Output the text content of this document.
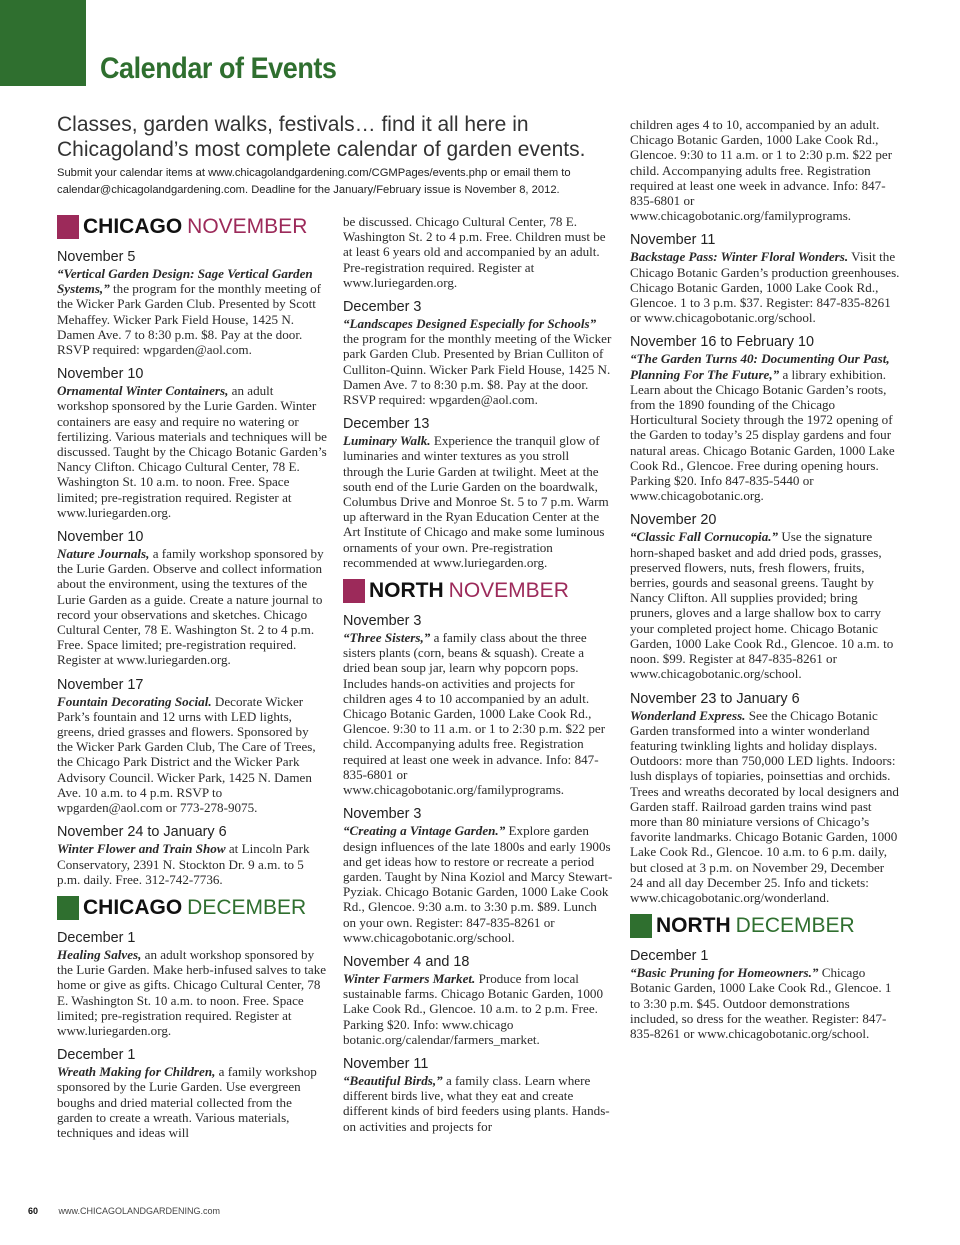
Calendar of Events
Classes, garden walks, festivals… find it all here in
Chicagoland’s most complete calendar of garden events.
Submit your calendar items at www.chicagolandgardening.com/CGMPages/events.php or email them to
calendar@chicagolandgardening.com. Deadline for the January/February issue is November 8, 2012.
CHICAGO NOVEMBER
November 5
“Vertical Garden Design: Sage Vertical Garden Systems,” the program for the monthly meeting of the Wicker Park Garden Club. Presented by Scott Mehaffey. Wicker Park Field House, 1425 N. Damen Ave. 7 to 8:30 p.m. $8. Pay at the door. RSVP required: wpgarden@aol.com.
November 10
Ornamental Winter Containers, an adult workshop sponsored by the Lurie Garden. Winter containers are easy and require no watering or fertilizing. Various materials and techniques will be discussed. Taught by the Chicago Botanic Garden’s Nancy Clifton. Chicago Cultural Center, 78 E. Washington St. 10 a.m. to noon. Free. Space limited; pre-registration required. Register at www.luriegarden.org.
November 10
Nature Journals, a family workshop sponsored by the Lurie Garden. Observe and collect information about the environment, using the textures of the Lurie Garden as a guide. Create a nature journal to record your observations and sketches. Chicago Cultural Center, 78 E. Washington St. 2 to 4 p.m. Free. Space limited; pre-registration required. Register at www.luriegarden.org.
November 17
Fountain Decorating Social. Decorate Wicker Park’s fountain and 12 urns with LED lights, greens, dried grasses and flowers. Sponsored by the Wicker Park Garden Club, The Care of Trees, the Chicago Park District and the Wicker Park Advisory Council. Wicker Park, 1425 N. Damen Ave. 10 a.m. to 4 p.m. RSVP to wpgarden@aol.com or 773-278-9075.
November 24 to January 6
Winter Flower and Train Show at Lincoln Park Conservatory, 2391 N. Stockton Dr. 9 a.m. to 5 p.m. daily. Free. 312-742-7736.
CHICAGO DECEMBER
December 1
Healing Salves, an adult workshop sponsored by the Lurie Garden. Make herb-infused salves to take home or give as gifts. Chicago Cultural Center, 78 E. Washington St. 10 a.m. to noon. Free. Space limited; pre-registration required. Register at www.luriegarden.org.
December 1
Wreath Making for Children, a family workshop sponsored by the Lurie Garden. Use evergreen boughs and dried material collected from the garden to create a wreath. Various materials, techniques and ideas will
be discussed. Chicago Cultural Center, 78 E. Washington St. 2 to 4 p.m. Free. Children must be at least 6 years old and accompanied by an adult. Pre-registration required. Register at www.luriegarden.org.
December 3
“Landscapes Designed Especially for Schools” the program for the monthly meeting of the Wicker park Garden Club. Presented by Brian Culliton of Culliton-Quinn. Wicker Park Field House, 1425 N. Damen Ave. 7 to 8:30 p.m. $8. Pay at the door. RSVP required: wpgarden@aol.com.
December 13
Luminary Walk. Experience the tranquil glow of luminaries and winter textures as you stroll through the Lurie Garden at twilight. Meet at the south end of the Lurie Garden on the boardwalk, Columbus Drive and Monroe St. 5 to 7 p.m. Warm up afterward in the Ryan Education Center at the Art Institute of Chicago and make some luminous ornaments of your own. Pre-registration recommended at www.luriegarden.org.
NORTH NOVEMBER
November 3
“Three Sisters,” a family class about the three sisters plants (corn, beans & squash). Create a dried bean soup jar, learn why popcorn pops. Includes hands-on activities and projects for children ages 4 to 10 accompanied by an adult. Chicago Botanic Garden, 1000 Lake Cook Rd., Glencoe. 9:30 to 11 a.m. or 1 to 2:30 p.m. $22 per child. Accompanying adults free. Registration required at least one week in advance. Info: 847-835-6801 or www.chicagobotanic.org/familyprograms.
November 3
“Creating a Vintage Garden.” Explore garden design influences of the late 1800s and early 1900s and get ideas how to restore or recreate a period garden. Taught by Nina Koziol and Marcy Stewart-Pyziak. Chicago Botanic Garden, 1000 Lake Cook Rd., Glencoe. 9:30 a.m. to 3:30 p.m. $89. Lunch on your own. Register: 847-835-8261 or www.chicagobotanic.org/school.
November 4 and 18
Winter Farmers Market. Produce from local sustainable farms. Chicago Botanic Garden, 1000 Lake Cook Rd., Glencoe. 10 a.m. to 2 p.m. Free. Parking $20. Info: www.chicago botanic.org/calendar/farmers_market.
November 11
“Beautiful Birds,” a family class. Learn where different birds live, what they eat and create different kinds of bird feeders using plants. Hands-on activities and projects for
children ages 4 to 10, accompanied by an adult. Chicago Botanic Garden, 1000 Lake Cook Rd., Glencoe. 9:30 to 11 a.m. or 1 to 2:30 p.m. $22 per child. Accompanying adults free. Registration required at least one week in advance. Info: 847-835-6801 or www.chicagobotanic.org/familyprograms.
November 11
Backstage Pass: Winter Floral Wonders. Visit the Chicago Botanic Garden’s production greenhouses. Chicago Botanic Garden, 1000 Lake Cook Rd., Glencoe. 1 to 3 p.m. $37. Register: 847-835-8261 or www.chicagobotanic.org/school.
November 16 to February 10
“The Garden Turns 40: Documenting Our Past, Planning For The Future,” a library exhibition. Learn about the Chicago Botanic Garden’s roots, from the 1890 founding of the Chicago Horticultural Society through the 1972 opening of the Garden to today’s 25 display gardens and four natural areas. Chicago Botanic Garden, 1000 Lake Cook Rd., Glencoe. Free during opening hours. Parking $20. Info 847-835-5440 or www.chicagobotanic.org.
November 20
“Classic Fall Cornucopia.” Use the signature horn-shaped basket and add dried pods, grasses, preserved flowers, nuts, fresh flowers, fruits, berries, gourds and seasonal greens. Taught by Nancy Clifton. All supplies provided; bring pruners, gloves and a large shallow box to carry your completed project home. Chicago Botanic Garden, 1000 Lake Cook Rd., Glencoe. 10 a.m. to noon. $99. Register at 847-835-8261 or www.chicagobotanic.org/school.
November 23 to January 6
Wonderland Express. See the Chicago Botanic Garden transformed into a winter wonderland featuring twinkling lights and holiday displays. Outdoors: more than 750,000 LED lights. Indoors: lush displays of topiaries, poinsettias and orchids. Trees and wreaths decorated by local designers and Garden staff. Railroad garden trains wind past more than 80 miniature versions of Chicago’s favorite landmarks. Chicago Botanic Garden, 1000 Lake Cook Rd., Glencoe. 10 a.m. to 6 p.m. daily, but closed at 3 p.m. on November 29, December 24 and all day December 25. Info and tickets: www.chicagobotanic.org/wonderland.
NORTH DECEMBER
December 1
“Basic Pruning for Homeowners.” Chicago Botanic Garden, 1000 Lake Cook Rd., Glencoe. 1 to 3:30 p.m. $45. Outdoor demonstrations included, so dress for the weather. Register: 847-835-8261 or www.chicagobotanic.org/school.
60 www.CHICAGOLANDGARDENING.com
